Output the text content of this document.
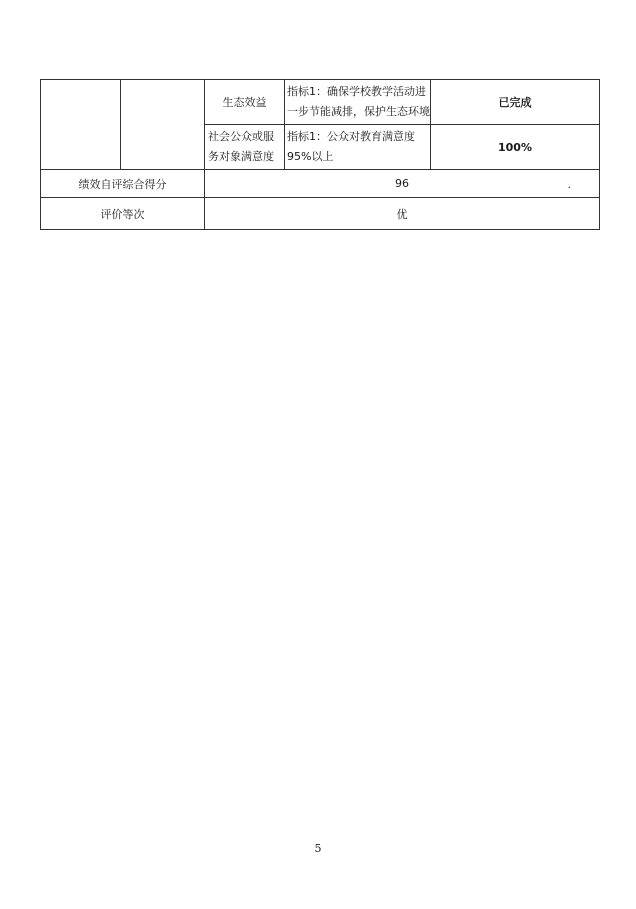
		生态效益	指标1：确保学校教学活动进一步节能减排，保护生态环境	已完成
		社会公众或服务对象满意度	指标1：公众对教育满意度95%以上	100%
绩效自评综合得分		96 .		

评价等次		优		
5
